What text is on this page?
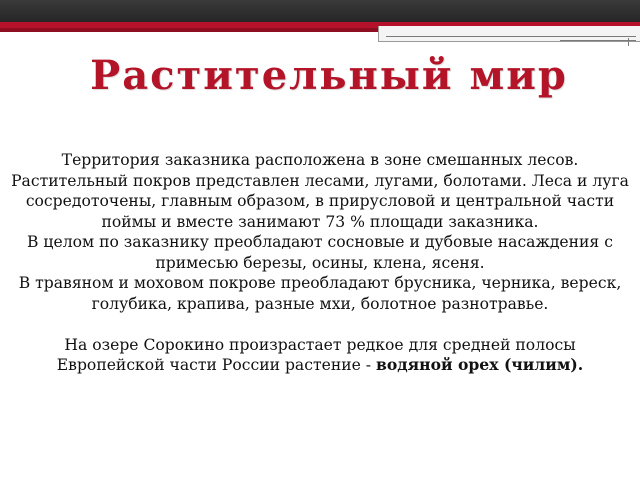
Растительный мир

Территория заказника расположена в зоне смешанных лесов. Растительный покров представлен лесами, лугами, болотами. Леса и луга сосредоточены, главным образом, в прирусловой и центральной части поймы и вместе занимают 73 % площади заказника.

В целом по заказнику преобладают сосновые и дубовые насаждения с примесью березы, осины, клена, ясеня.

В травяном и моховом покрове преобладают брусника, черника, вереск, голубика, крапива, разные мхи, болотное разнотравье.

На озере Сорокино произрастает редкое для средней полосы Европейской части России растение - водяной орех (чилим).
